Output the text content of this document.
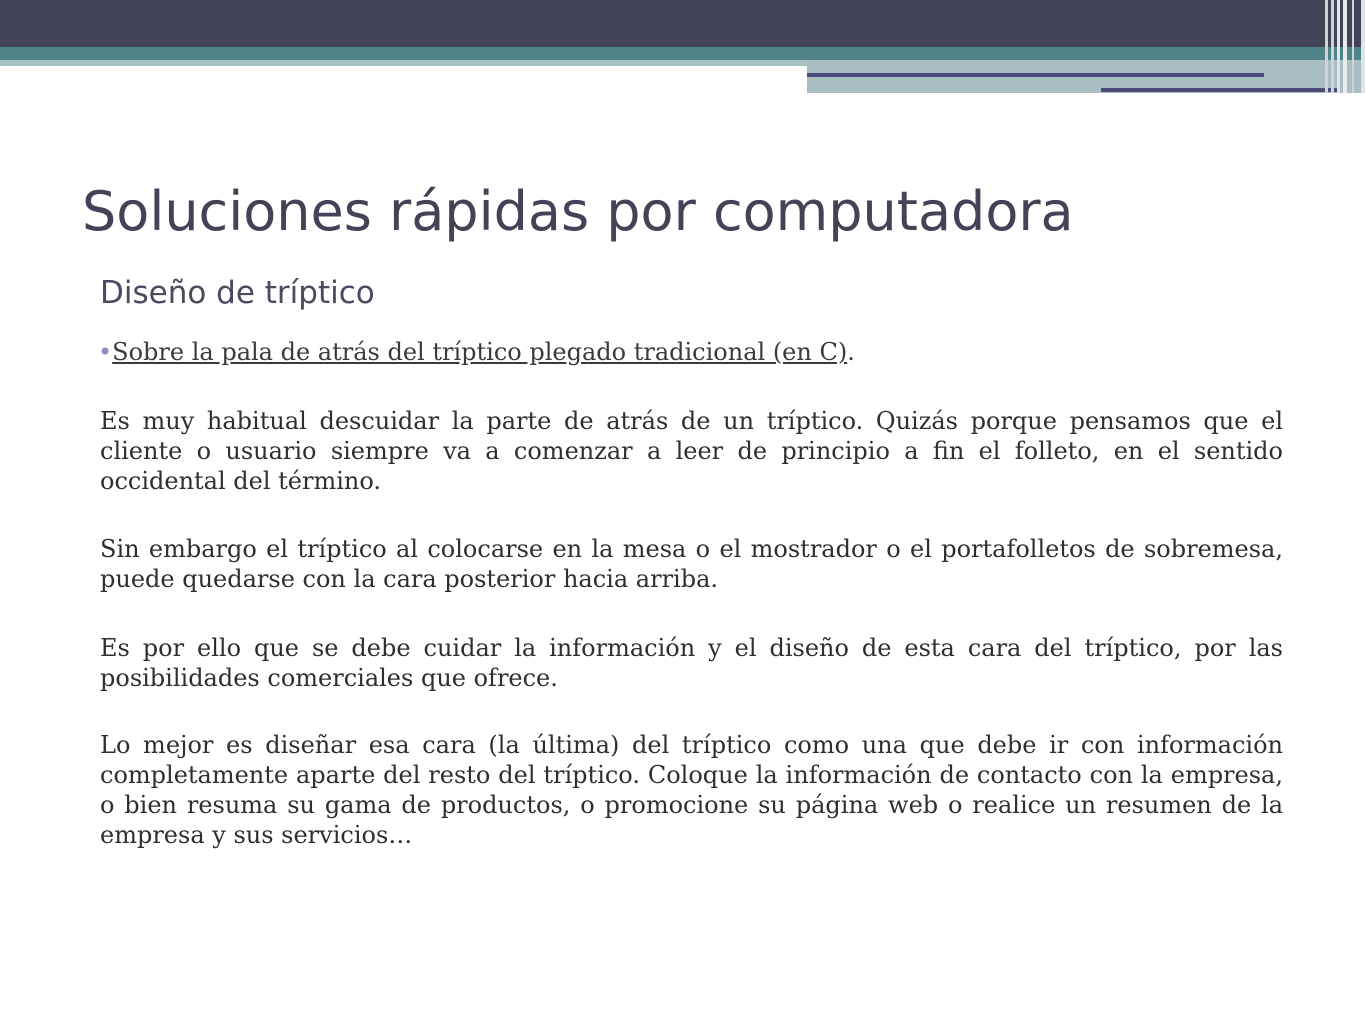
Soluciones rápidas por computadora
Diseño de tríptico
•Sobre la pala de atrás del tríptico plegado tradicional (en C).

Es muy habitual descuidar la parte de atrás de un tríptico. Quizás porque pensamos que el cliente o usuario siempre va a comenzar a leer de principio a fin el folleto, en el sentido occidental del término.

Sin embargo el tríptico al colocarse en la mesa o el mostrador o el portafolletos de sobremesa, puede quedarse con la cara posterior hacia arriba.

Es por ello que se debe cuidar la información y el diseño de esta cara del tríptico, por las posibilidades comerciales que ofrece.

Lo mejor es diseñar esa cara (la última) del tríptico como una que debe ir con información completamente aparte del resto del tríptico. Coloque la información de contacto con la empresa, o bien resuma su gama de productos, o promocione su página web o realice un resumen de la empresa y sus servicios…
